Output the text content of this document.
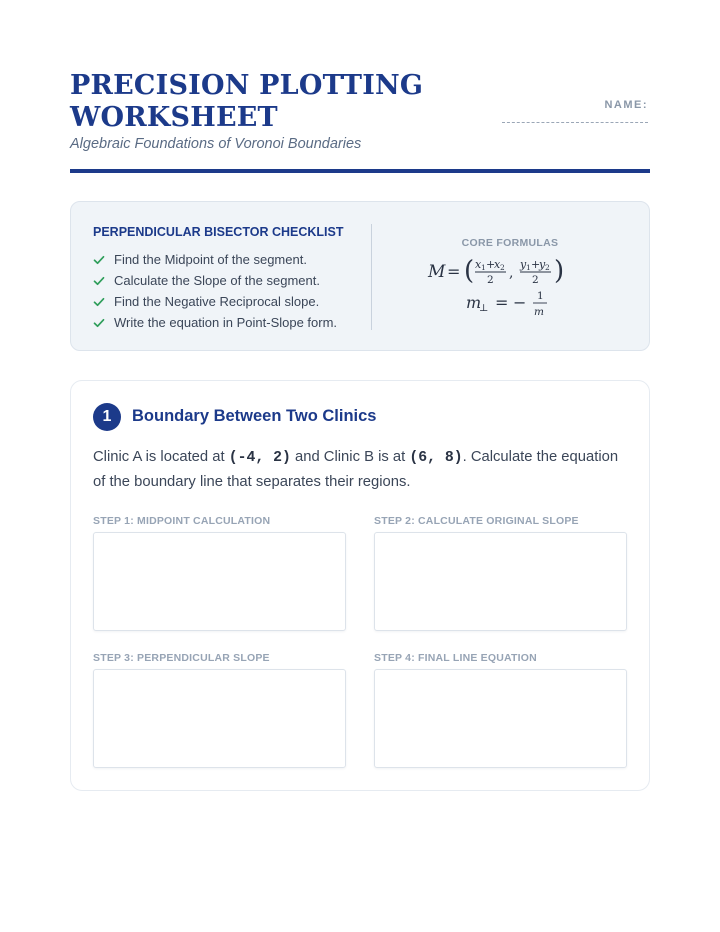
PRECISION PLOTTING WORKSHEET
Algebraic Foundations of Voronoi Boundaries
NAME:
PERPENDICULAR BISECTOR CHECKLIST
Find the Midpoint of the segment.
Calculate the Slope of the segment.
Find the Negative Reciprocal slope.
Write the equation in Point-Slope form.
CORE FORMULAS
M = ( x 1 +
x 2
2 ,
y 1 +
y 2
2 )
m
⊥ = − 1
m
1	Boundary Between Two Clinics

Clinic A is located at (-4, 2) and Clinic B is at (6, 8). Calculate the equation of the boundary line that separates their regions.

STEP 1: MIDPOINT CALCULATION	STEP 2: CALCULATE ORIGINAL SLOPE
STEP 3: PERPENDICULAR SLOPE	STEP 4: FINAL LINE EQUATION
